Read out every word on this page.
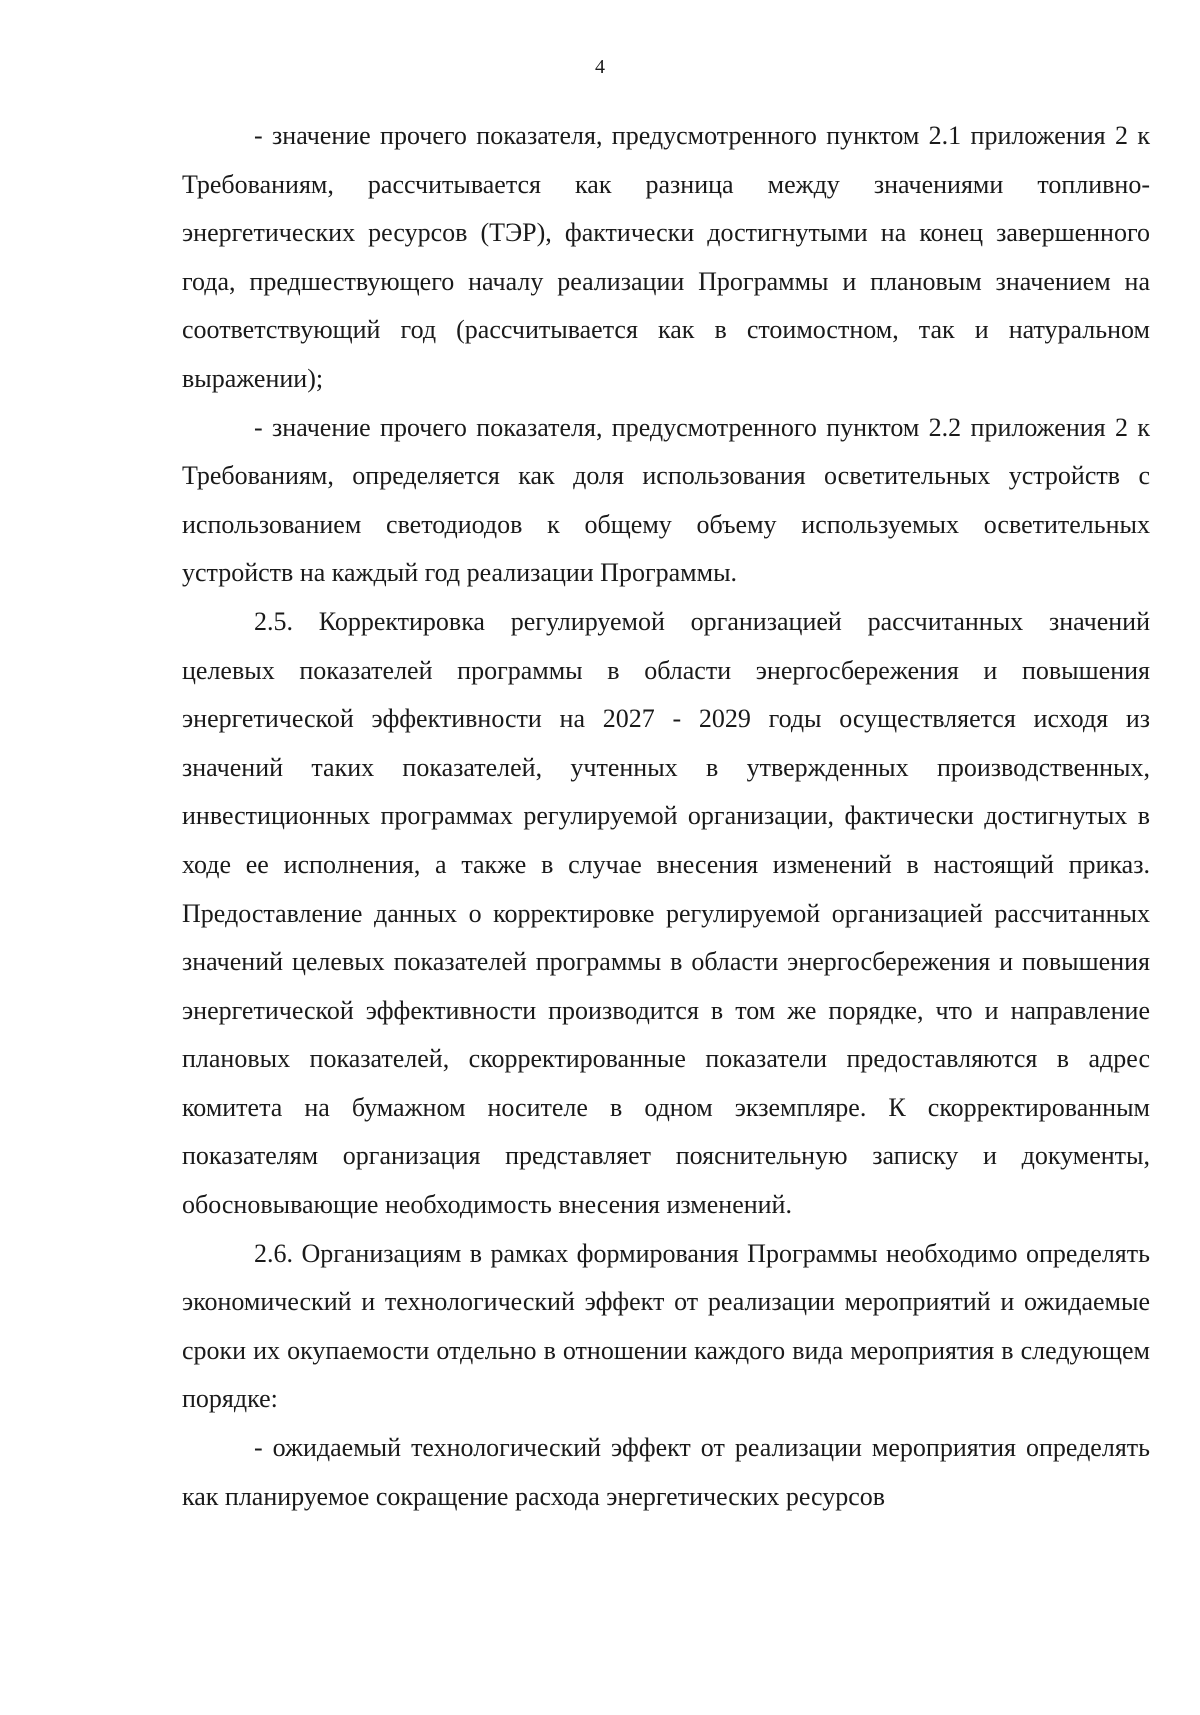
4

- значение прочего показателя, предусмотренного пунктом 2.1 приложения 2 к Требованиям, рассчитывается как разница между значениями топливно-энергетических ресурсов (ТЭР), фактически достигнутыми на конец завершенного года, предшествующего началу реализации Программы и плановым значением на соответствующий год (рассчитывается как в стоимостном, так и натуральном выражении);

- значение прочего показателя, предусмотренного пунктом 2.2 приложения 2 к Требованиям, определяется как доля использования осветительных устройств с использованием светодиодов к общему объему используемых осветительных устройств на каждый год реализации Программы.

2.5. Корректировка регулируемой организацией рассчитанных значений целевых показателей программы в области энергосбережения и повышения энергетической эффективности на 2027 - 2029 годы осуществляется исходя из значений таких показателей, учтенных в утвержденных производственных, инвестиционных программах регулируемой организации, фактически достигнутых в ходе ее исполнения, а также в случае внесения изменений в настоящий приказ. Предоставление данных о корректировке регулируемой организацией рассчитанных значений целевых показателей программы в области энергосбережения и повышения энергетической эффективности производится в том же порядке, что и направление плановых показателей, скорректированные показатели предоставляются в адрес комитета на бумажном носителе в одном экземпляре. К скорректированным показателям организация представляет пояснительную записку и документы, обосновывающие необходимость внесения изменений.

2.6. Организациям в рамках формирования Программы необходимо определять экономический и технологический эффект от реализации мероприятий и ожидаемые сроки их окупаемости отдельно в отношении каждого вида мероприятия в следующем порядке:

- ожидаемый технологический эффект от реализации мероприятия определять как планируемое сокращение расхода энергетических ресурсов
